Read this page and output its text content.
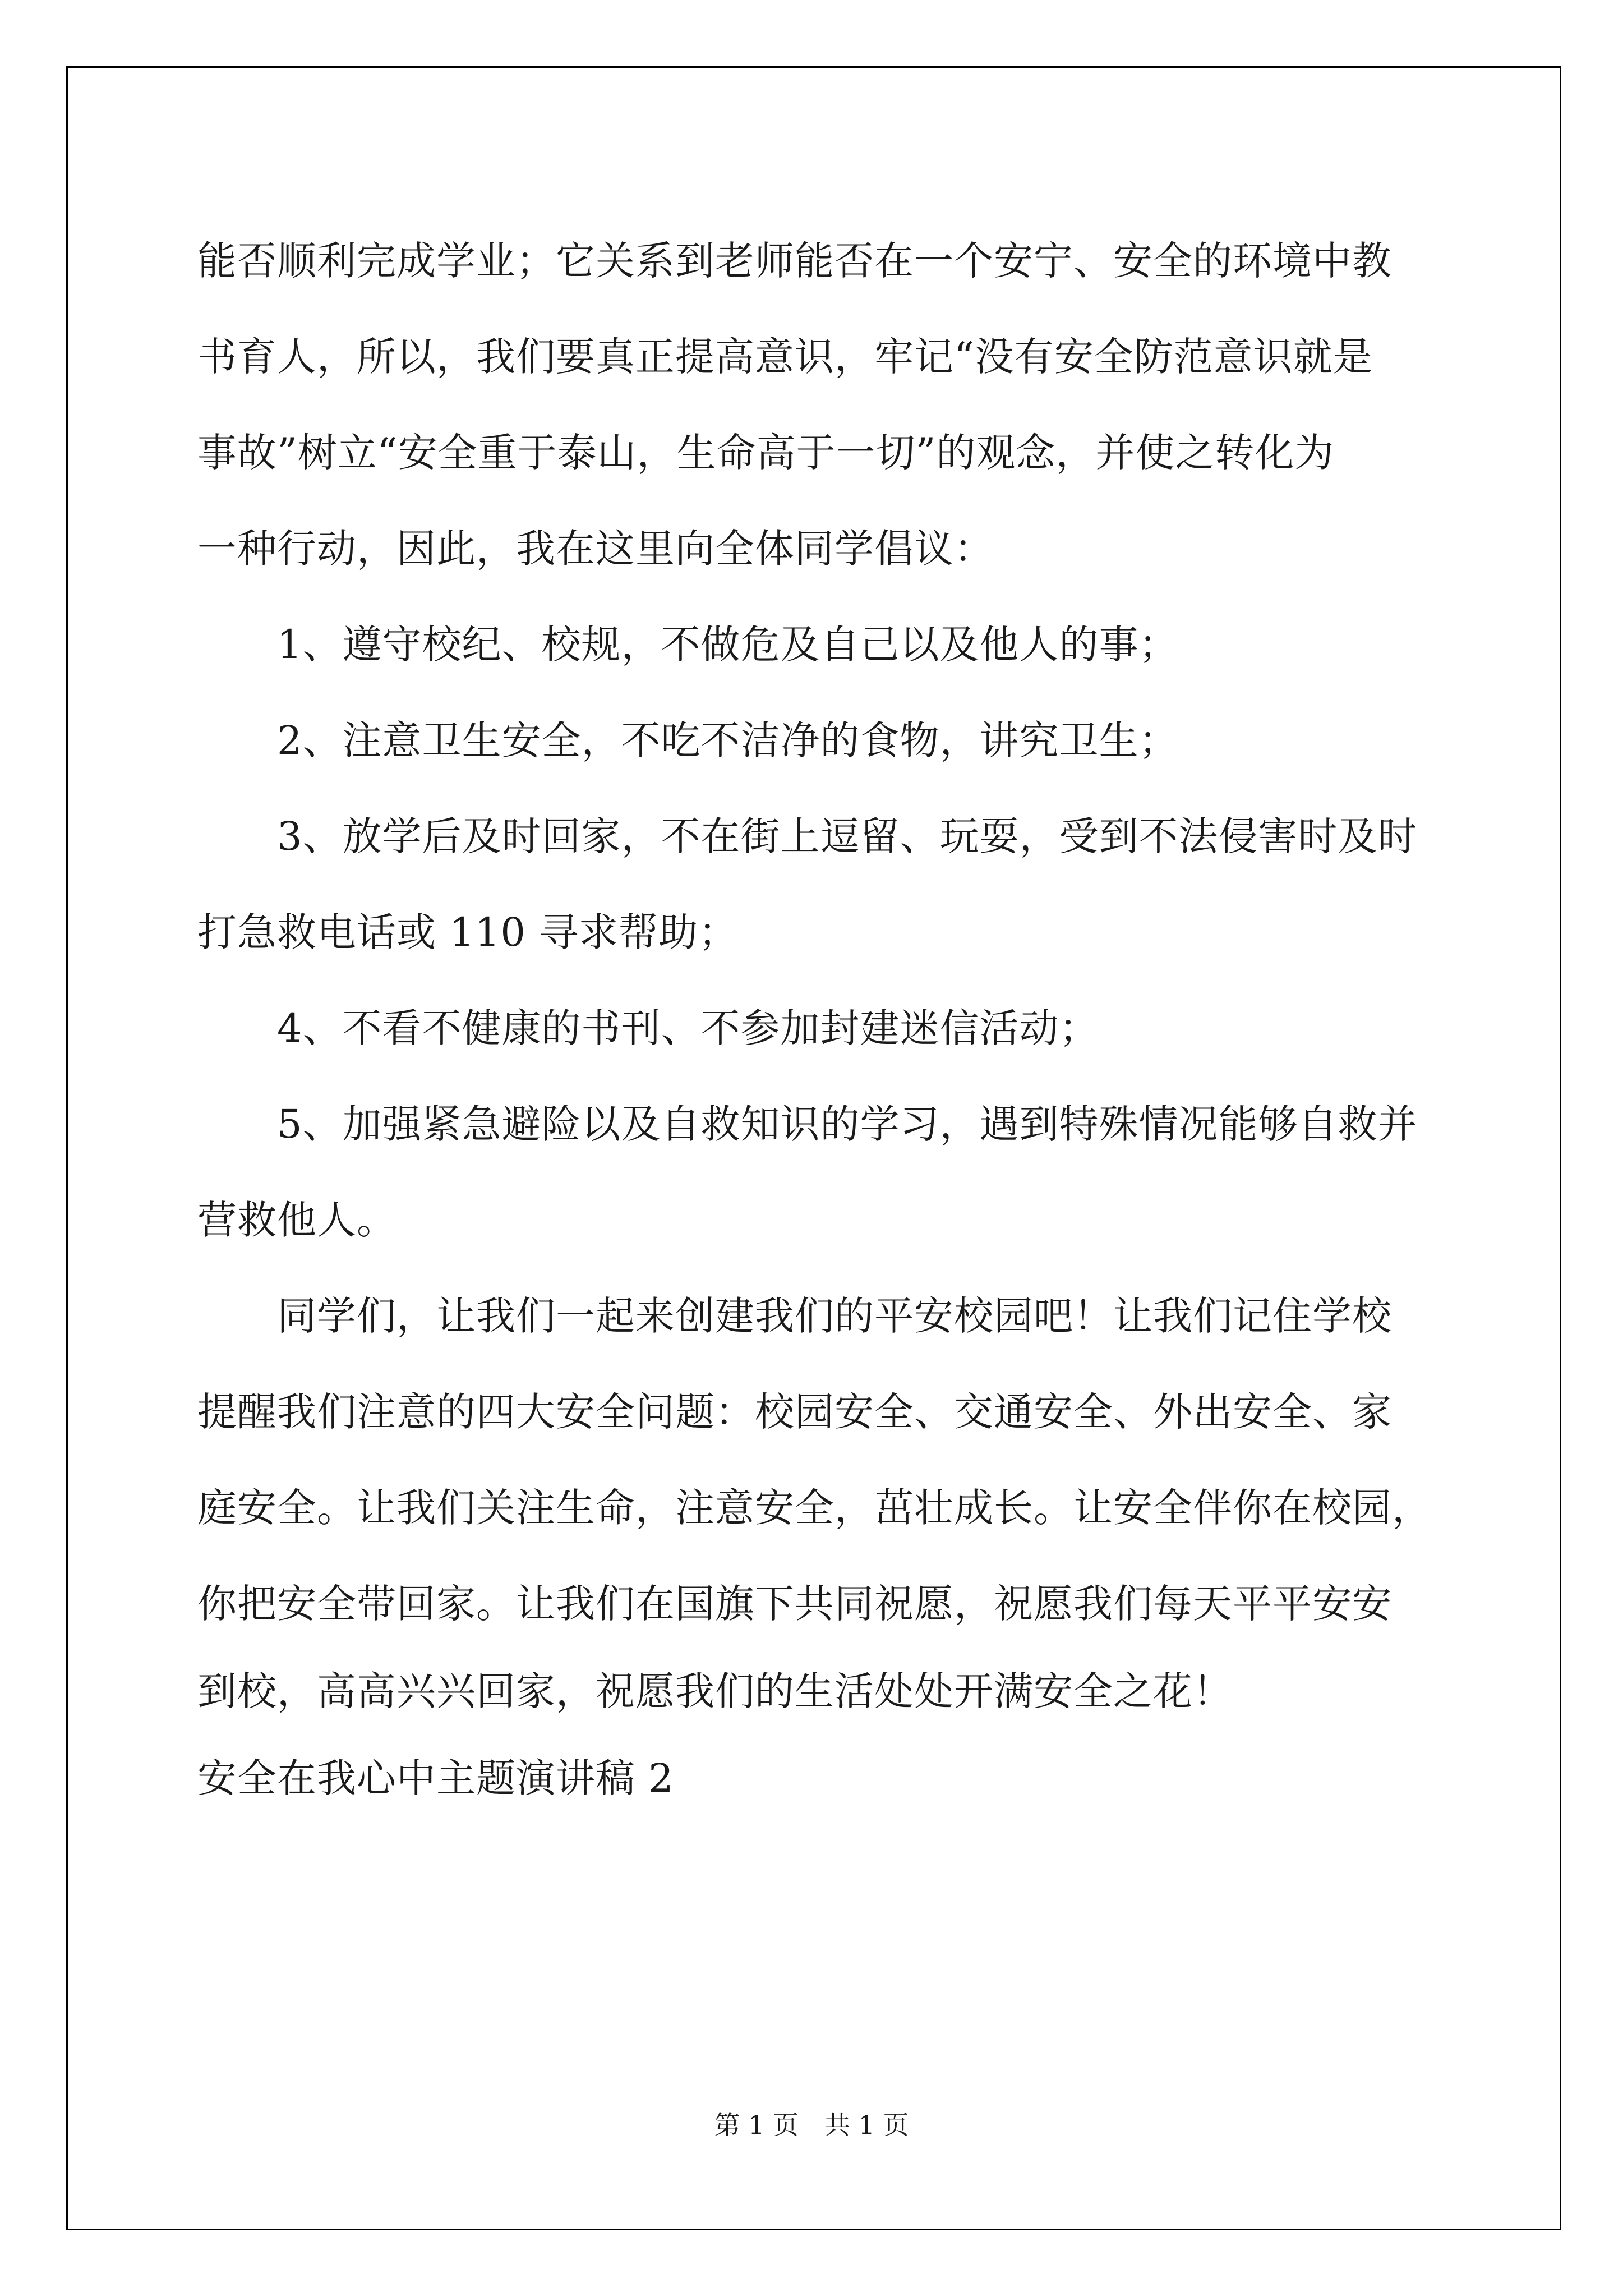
能否顺利完成学业；它关系到老师能否在一个安宁、安全的环境中教
书育人，所以，我们要真正提高意识，牢记“没有安全防范意识就是
事故”树立“安全重于泰山，生命高于一切”的观念，并使之转化为
一种行动，因此，我在这里向全体同学倡议：
1、遵守校纪、校规，不做危及自己以及他人的事；
2、注意卫生安全，不吃不洁净的食物，讲究卫生；
3、放学后及时回家，不在街上逗留、玩耍，受到不法侵害时及时
打急救电话或 110 寻求帮助；
4、不看不健康的书刊、不参加封建迷信活动；
5、加强紧急避险以及自救知识的学习，遇到特殊情况能够自救并
营救他人。
同学们，让我们一起来创建我们的平安校园吧！让我们记住学校
提醒我们注意的四大安全问题：校园安全、交通安全、外出安全、家
庭安全。让我们关注生命，注意安全，茁壮成长。让安全伴你在校园，
你把安全带回家。让我们在国旗下共同祝愿，祝愿我们每天平平安安
到校，高高兴兴回家，祝愿我们的生活处处开满安全之花！
安全在我心中主题演讲稿 2
第 1 页　共 1 页
